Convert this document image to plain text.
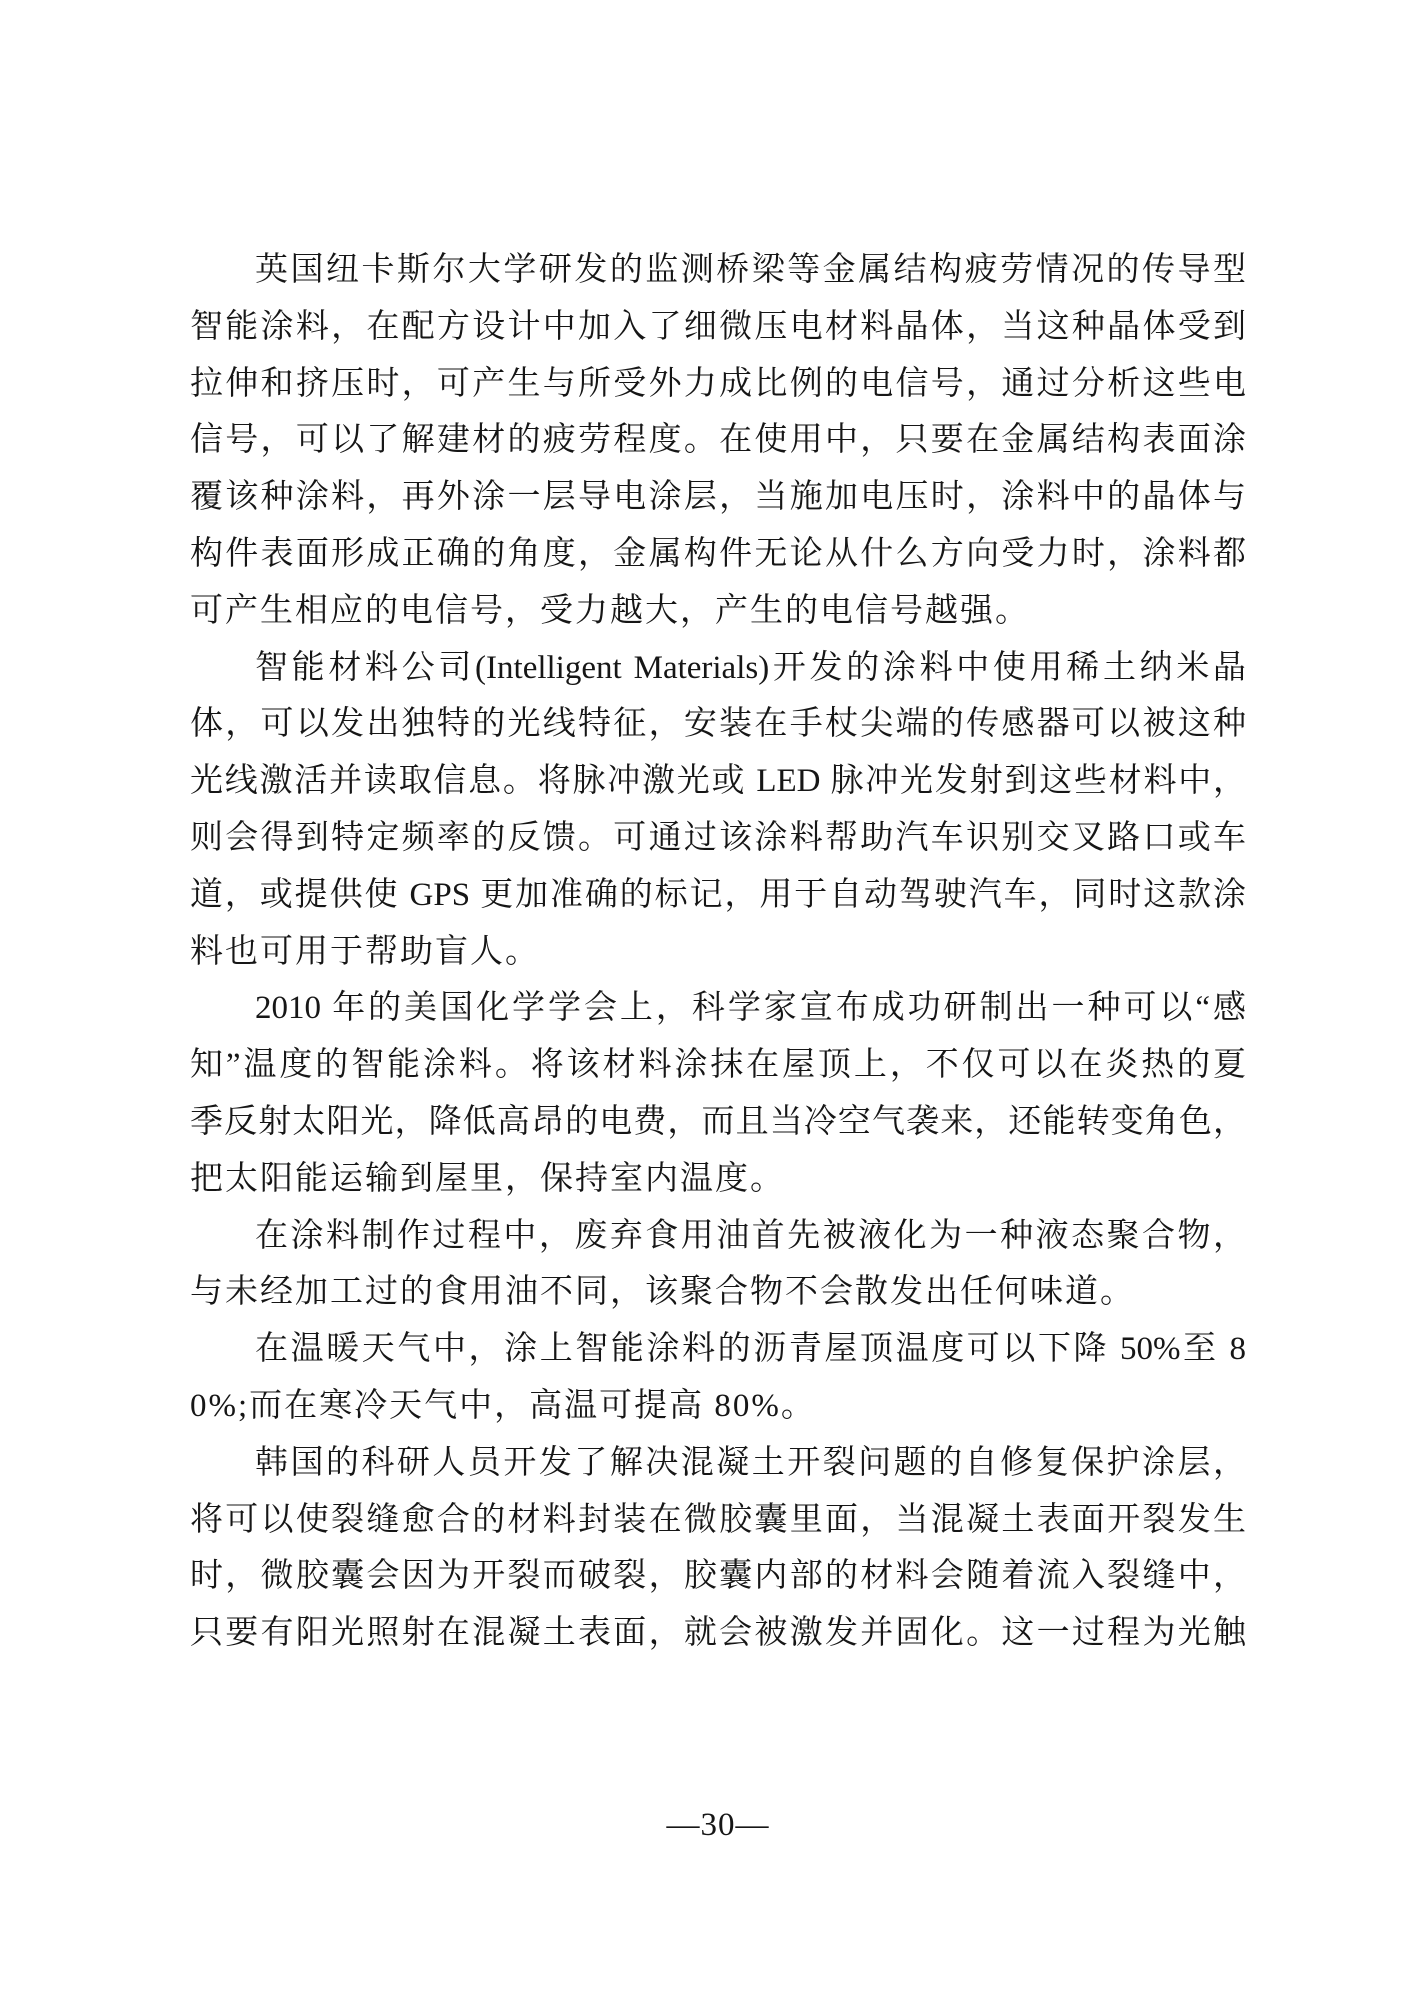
英国纽卡斯尔大学研发的监测桥梁等金属结构疲劳情况的传导型
智能涂料，在配方设计中加入了细微压电材料晶体，当这种晶体受到
拉伸和挤压时，可产生与所受外力成比例的电信号，通过分析这些电
信号，可以了解建材的疲劳程度。在使用中，只要在金属结构表面涂
覆该种涂料，再外涂一层导电涂层，当施加电压时，涂料中的晶体与
构件表面形成正确的角度，金属构件无论从什么方向受力时，涂料都
可产生相应的电信号，受力越大，产生的电信号越强。
智能材料公司(Intelligent Materials)开发的涂料中使用稀土纳米晶
体，可以发出独特的光线特征，安装在手杖尖端的传感器可以被这种
光线激活并读取信息。将脉冲激光或 LED 脉冲光发射到这些材料中，
则会得到特定频率的反馈。可通过该涂料帮助汽车识别交叉路口或车
道，或提供使 GPS 更加准确的标记，用于自动驾驶汽车，同时这款涂
料也可用于帮助盲人。
2010 年的美国化学学会上，科学家宣布成功研制出一种可以“感
知”温度的智能涂料。将该材料涂抹在屋顶上，不仅可以在炎热的夏
季反射太阳光，降低高昂的电费，而且当冷空气袭来，还能转变角色，
把太阳能运输到屋里，保持室内温度。
在涂料制作过程中，废弃食用油首先被液化为一种液态聚合物，
与未经加工过的食用油不同，该聚合物不会散发出任何味道。
在温暖天气中，涂上智能涂料的沥青屋顶温度可以下降 50%至 8
0%;而在寒冷天气中，高温可提高 80%。
韩国的科研人员开发了解决混凝土开裂问题的自修复保护涂层，
将可以使裂缝愈合的材料封装在微胶囊里面，当混凝土表面开裂发生
时，微胶囊会因为开裂而破裂，胶囊内部的材料会随着流入裂缝中，
只要有阳光照射在混凝土表面，就会被激发并固化。这一过程为光触
—30—
